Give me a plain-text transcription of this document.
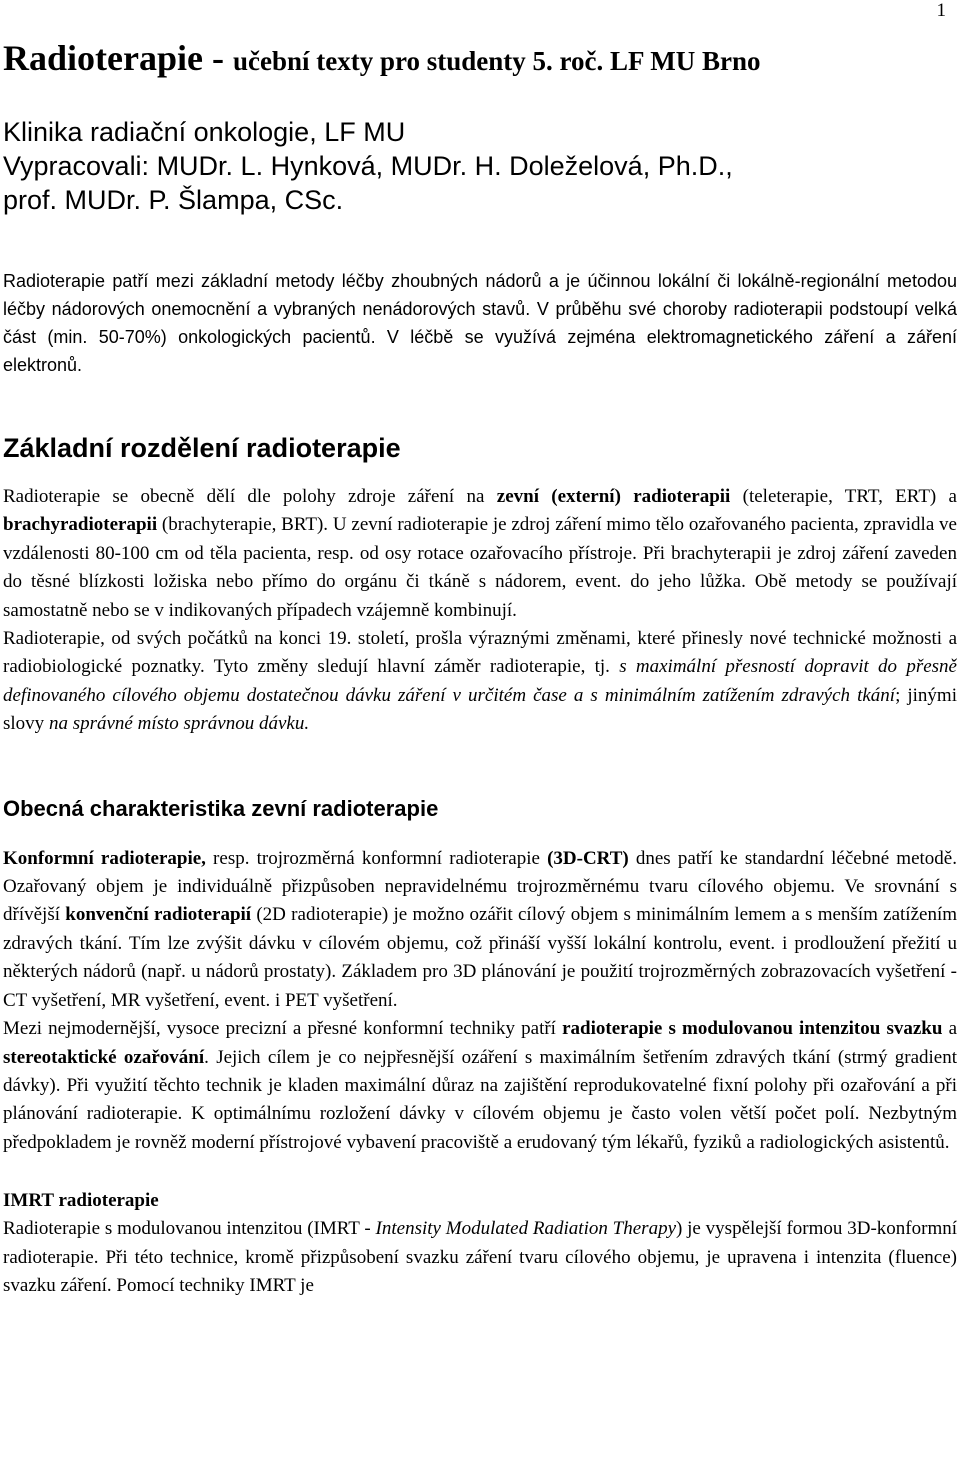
1
Radioterapie - učební texty pro studenty 5. roč. LF MU Brno
Klinika radiační onkologie, LF MU
Vypracovali: MUDr. L. Hynková, MUDr. H. Doleželová, Ph.D.,
prof. MUDr. P. Šlampa, CSc.

Radioterapie patří mezi základní metody léčby zhoubných nádorů a je účinnou lokální či lokálně-regionální metodou léčby nádorových onemocnění a vybraných nenádorových stavů. V průběhu své choroby radioterapii podstoupí velká část (min. 50-70%) onkologických pacientů. V léčbě se využívá zejména elektromagnetického záření a záření elektronů.

Základní rozdělení radioterapie

Radioterapie se obecně dělí dle polohy zdroje záření na zevní (externí) radioterapii (teleterapie, TRT, ERT) a brachyradioterapii (brachyterapie, BRT). U zevní radioterapie je zdroj záření mimo tělo ozařovaného pacienta, zpravidla ve vzdálenosti 80-100 cm od těla pacienta, resp. od osy rotace ozařovacího přístroje. Při brachyterapii je zdroj záření zaveden do těsné blízkosti ložiska nebo přímo do orgánu či tkáně s nádorem, event. do jeho lůžka. Obě metody se používají samostatně nebo se v indikovaných případech vzájemně kombinují.

Radioterapie, od svých počátků na konci 19. století, prošla výraznými změnami, které přinesly nové technické možnosti a radiobiologické poznatky. Tyto změny sledují hlavní záměr radioterapie, tj. s maximální přesností dopravit do přesně definovaného cílového objemu dostatečnou dávku záření v určitém čase a s minimálním zatížením zdravých tkání; jinými slovy na správné místo správnou dávku.

Obecná charakteristika zevní radioterapie

Konformní radioterapie, resp. trojrozměrná konformní radioterapie (3D-CRT) dnes patří ke standardní léčebné metodě. Ozařovaný objem je individuálně přizpůsoben nepravidelnému trojrozměrnému tvaru cílového objemu. Ve srovnání s dřívější konvenční radioterapií (2D radioterapie) je možno ozářit cílový objem s minimálním lemem a s menším zatížením zdravých tkání. Tím lze zvýšit dávku v cílovém objemu, což přináší vyšší lokální kontrolu, event. i prodloužení přežití u některých nádorů (např. u nádorů prostaty). Základem pro 3D plánování je použití trojrozměrných zobrazovacích vyšetření - CT vyšetření, MR vyšetření, event. i PET vyšetření.

Mezi nejmodernější, vysoce precizní a přesné konformní techniky patří radioterapie s modulovanou intenzitou svazku a stereotaktické ozařování. Jejich cílem je co nejpřesnější ozáření s maximálním šetřením zdravých tkání (strmý gradient dávky). Při využití těchto technik je kladen maximální důraz na zajištění reprodukovatelné fixní polohy při ozařování a při plánování radioterapie. K optimálnímu rozložení dávky v cílovém objemu je často volen větší počet polí. Nezbytným předpokladem je rovněž moderní přístrojové vybavení pracoviště a erudovaný tým lékařů, fyziků a radiologických asistentů.

IMRT radioterapie

Radioterapie s modulovanou intenzitou (IMRT - Intensity Modulated Radiation Therapy) je vyspělejší formou 3D-konformní radioterapie. Při této technice, kromě přizpůsobení svazku záření tvaru cílového objemu, je upravena i intenzita (fluence) svazku záření. Pomocí techniky IMRT je
